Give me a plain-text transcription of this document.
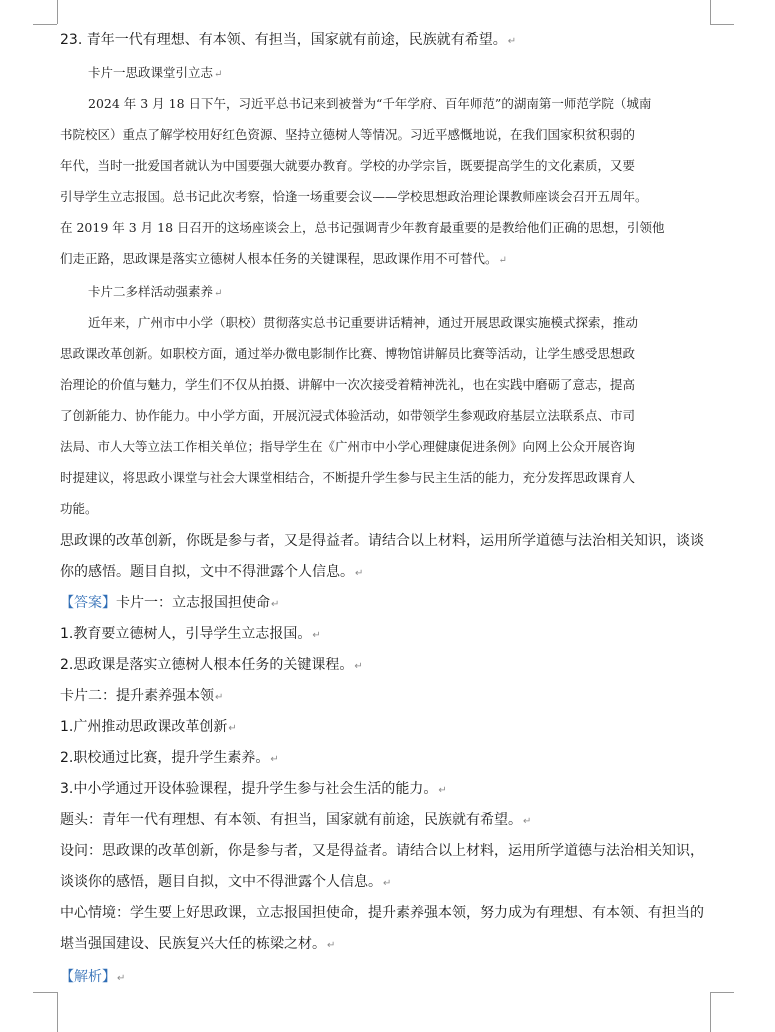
23. 青年一代有理想、有本领、有担当，国家就有前途，民族就有希望。↵
卡片一思政课堂引立志↵
2024 年 3 月 18 日下午，习近平总书记来到被誉为“千年学府、百年师范”的湖南第一师范学院（城南
书院校区）重点了解学校用好红色资源、坚持立德树人等情况。习近平感慨地说，在我们国家积贫积弱的
年代，当时一批爱国者就认为中国要强大就要办教育。学校的办学宗旨，既要提高学生的文化素质，又要
引导学生立志报国。总书记此次考察，恰逢一场重要会议——学校思想政治理论课教师座谈会召开五周年。
在 2019 年 3 月 18 日召开的这场座谈会上，总书记强调青少年教育最重要的是教给他们正确的思想，引领他
们走正路，思政课是落实立德树人根本任务的关键课程，思政课作用不可替代。↵
卡片二多样活动强素养↵
近年来，广州市中小学（职校）贯彻落实总书记重要讲话精神，通过开展思政课实施模式探索，推动
思政课改革创新。如职校方面，通过举办微电影制作比赛、博物馆讲解员比赛等活动，让学生感受思想政
治理论的价值与魅力，学生们不仅从拍摄、讲解中一次次接受着精神洗礼，也在实践中磨砺了意志，提高
了创新能力、协作能力。中小学方面，开展沉浸式体验活动，如带领学生参观政府基层立法联系点、市司
法局、市人大等立法工作相关单位；指导学生在《广州市中小学心理健康促进条例》向网上公众开展咨询
时提建议，将思政小课堂与社会大课堂相结合，不断提升学生参与民主生活的能力，充分发挥思政课育人
功能。
思政课的改革创新，你既是参与者，又是得益者。请结合以上材料，运用所学道德与法治相关知识，谈谈
你的感悟。题目自拟，文中不得泄露个人信息。↵
【答案】卡片一：立志报国担使命↵
1.教育要立德树人，引导学生立志报国。↵
2.思政课是落实立德树人根本任务的关键课程。↵
卡片二：提升素养强本领↵
1.广州推动思政课改革创新↵
2.职校通过比赛，提升学生素养。↵
3.中小学通过开设体验课程，提升学生参与社会生活的能力。↵
题头：青年一代有理想、有本领、有担当，国家就有前途，民族就有希望。↵
设问：思政课的改革创新，你是参与者，又是得益者。请结合以上材料，运用所学道德与法治相关知识，
谈谈你的感悟，题目自拟，文中不得泄露个人信息。↵
中心情境：学生要上好思政课，立志报国担使命，提升素养强本领，努力成为有理想、有本领、有担当的
堪当强国建设、民族复兴大任的栋梁之材。↵
【解析】↵
